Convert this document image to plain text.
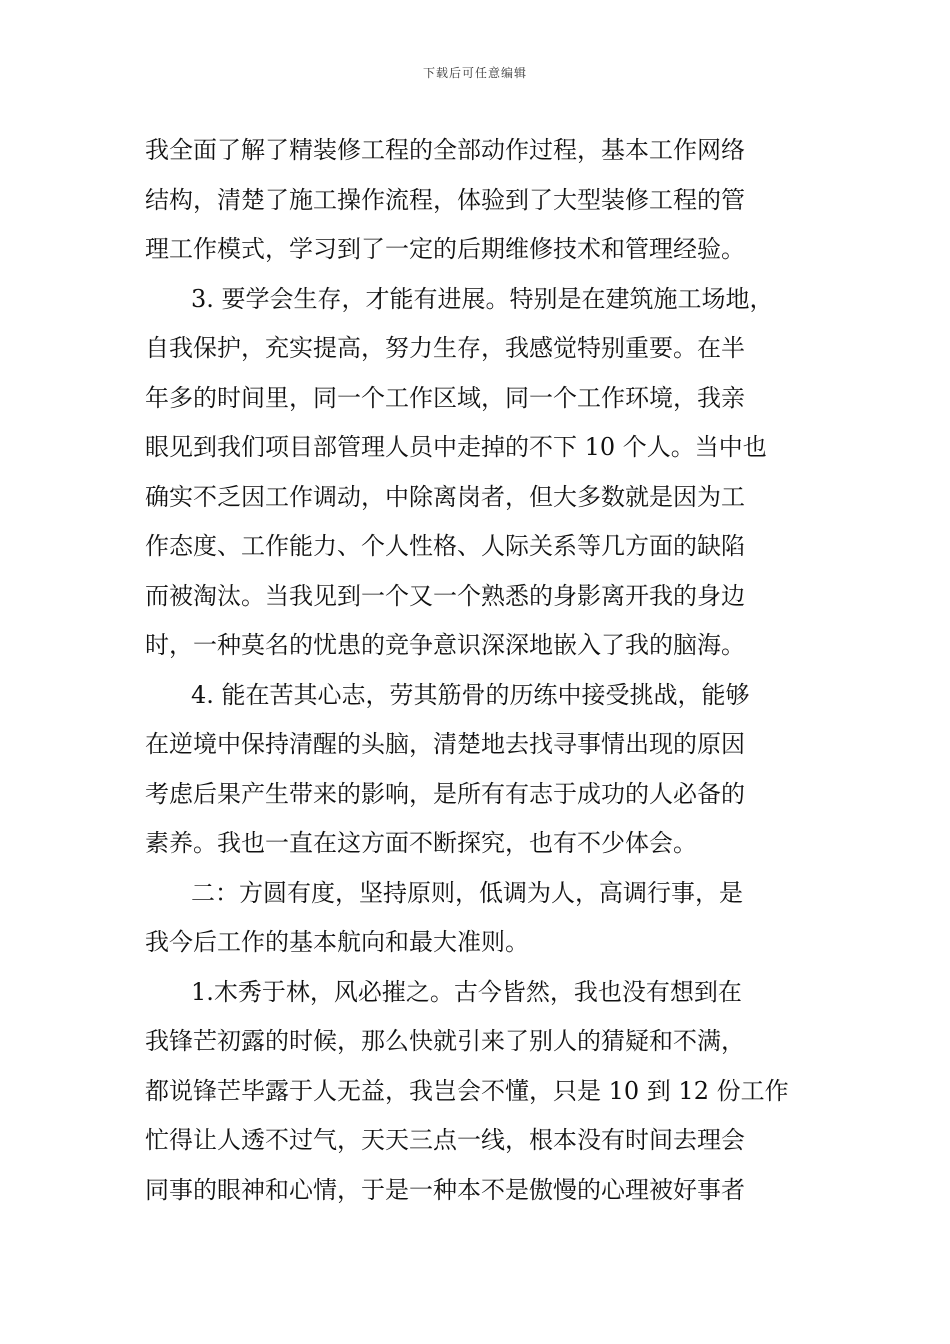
下载后可任意编辑
我全面了解了精装修工程的全部动作过程，基本工作网络
结构，清楚了施工操作流程，体验到了大型装修工程的管
理工作模式，学习到了一定的后期维修技术和管理经验。
3. 要学会生存，才能有进展。特别是在建筑施工场地，
自我保护，充实提高，努力生存，我感觉特别重要。在半
年多的时间里，同一个工作区域，同一个工作环境，我亲
眼见到我们项目部管理人员中走掉的不下 10 个人。当中也
确实不乏因工作调动，中除离岗者，但大多数就是因为工
作态度、工作能力、个人性格、人际关系等几方面的缺陷
而被淘汰。当我见到一个又一个熟悉的身影离开我的身边
时，一种莫名的忧患的竞争意识深深地嵌入了我的脑海。
4. 能在苦其心志，劳其筋骨的历练中接受挑战，能够
在逆境中保持清醒的头脑，清楚地去找寻事情出现的原因
考虑后果产生带来的影响，是所有有志于成功的人必备的
素养。我也一直在这方面不断探究，也有不少体会。
二：方圆有度，坚持原则，低调为人，高调行事，是
我今后工作的基本航向和最大准则。
1.木秀于林，风必摧之。古今皆然，我也没有想到在
我锋芒初露的时候，那么快就引来了别人的猜疑和不满，
都说锋芒毕露于人无益，我岂会不懂，只是 10 到 12 份工作
忙得让人透不过气，天天三点一线，根本没有时间去理会
同事的眼神和心情，于是一种本不是傲慢的心理被好事者
